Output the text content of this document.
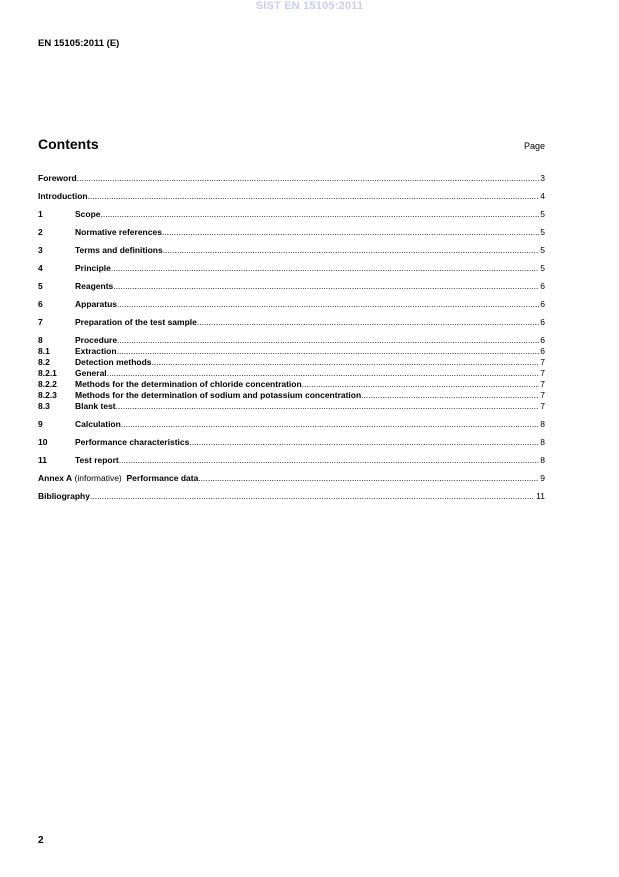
SIST EN 15105:2011
EN 15105:2011 (E)
Contents	Page
Foreword .....	3
Introduction .....	4
1	Scope .....	5
2	Normative references .....	5
3	Terms and definitions .....	5
4	Principle .....	5
5	Reagents .....	6
6	Apparatus .....	6
7	Preparation of the test sample .....	6
8	Procedure .....	6
8.1	Extraction .....	6
8.2	Detection methods .....	7
8.2.1	General .....	7
8.2.2	Methods for the determination of chloride concentration .....	7
8.2.3	Methods for the determination of sodium and potassium concentration .....	7
8.3	Blank test .....	7
9	Calculation .....	8
10	Performance characteristics .....	8
11	Test report .....	8
Annex A (informative)  Performance data .....	9
Bibliography .....	11
2
